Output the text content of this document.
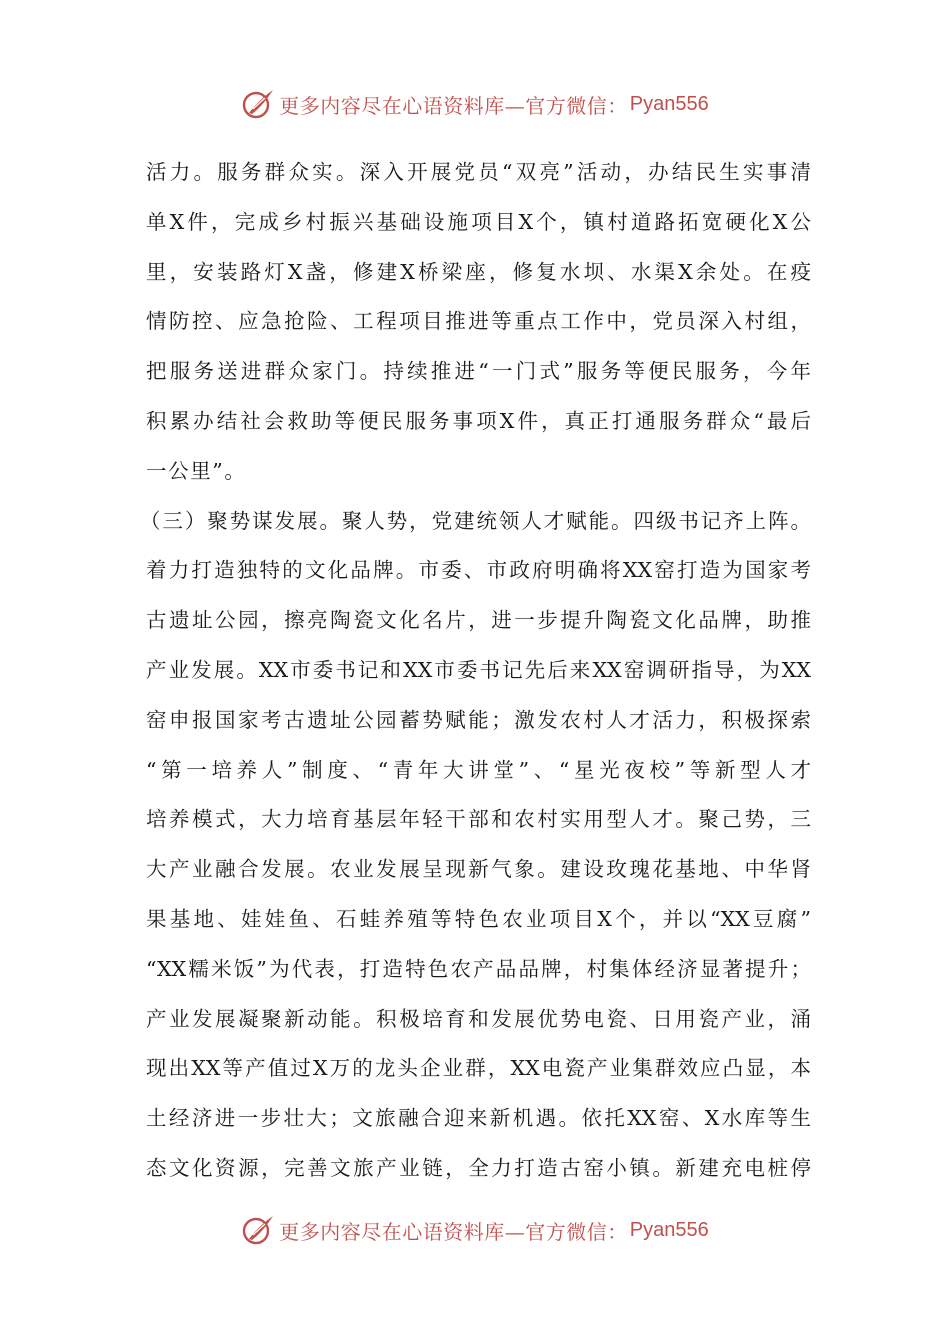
更多内容尽在心语资料库—官方微信： Pyan556
活力。服务群众实。深入开展党员“双亮”活动，办结民生实事清
单X件，完成乡村振兴基础设施项目X个，镇村道路拓宽硬化X公
里，安装路灯X盏，修建X桥梁座，修复水坝、水渠X余处。在疫
情防控、应急抢险、工程项目推进等重点工作中，党员深入村组，
把服务送进群众家门。持续推进“一门式”服务等便民服务，今年
积累办结社会救助等便民服务事项X件，真正打通服务群众“最后
一公里”。
（三）聚势谋发展。聚人势，党建统领人才赋能。四级书记齐上阵。
着力打造独特的文化品牌。市委、市政府明确将XX窑打造为国家考
古遗址公园，擦亮陶瓷文化名片，进一步提升陶瓷文化品牌，助推
产业发展。XX市委书记和XX市委书记先后来XX窑调研指导，为XX
窑申报国家考古遗址公园蓄势赋能；激发农村人才活力，积极探索
“第一培养人”制度、“青年大讲堂”、“星光夜校”等新型人才
培养模式，大力培育基层年轻干部和农村实用型人才。聚己势，三
大产业融合发展。农业发展呈现新气象。建设玫瑰花基地、中华肾
果基地、娃娃鱼、石蛙养殖等特色农业项目X个，并以“XX豆腐”
“XX糯米饭”为代表，打造特色农产品品牌，村集体经济显著提升；
产业发展凝聚新动能。积极培育和发展优势电瓷、日用瓷产业，涌
现出XX等产值过X万的龙头企业群，XX电瓷产业集群效应凸显，本
土经济进一步壮大；文旅融合迎来新机遇。依托XX窑、X水库等生
态文化资源，完善文旅产业链，全力打造古窑小镇。新建充电桩停
更多内容尽在心语资料库—官方微信： Pyan556
